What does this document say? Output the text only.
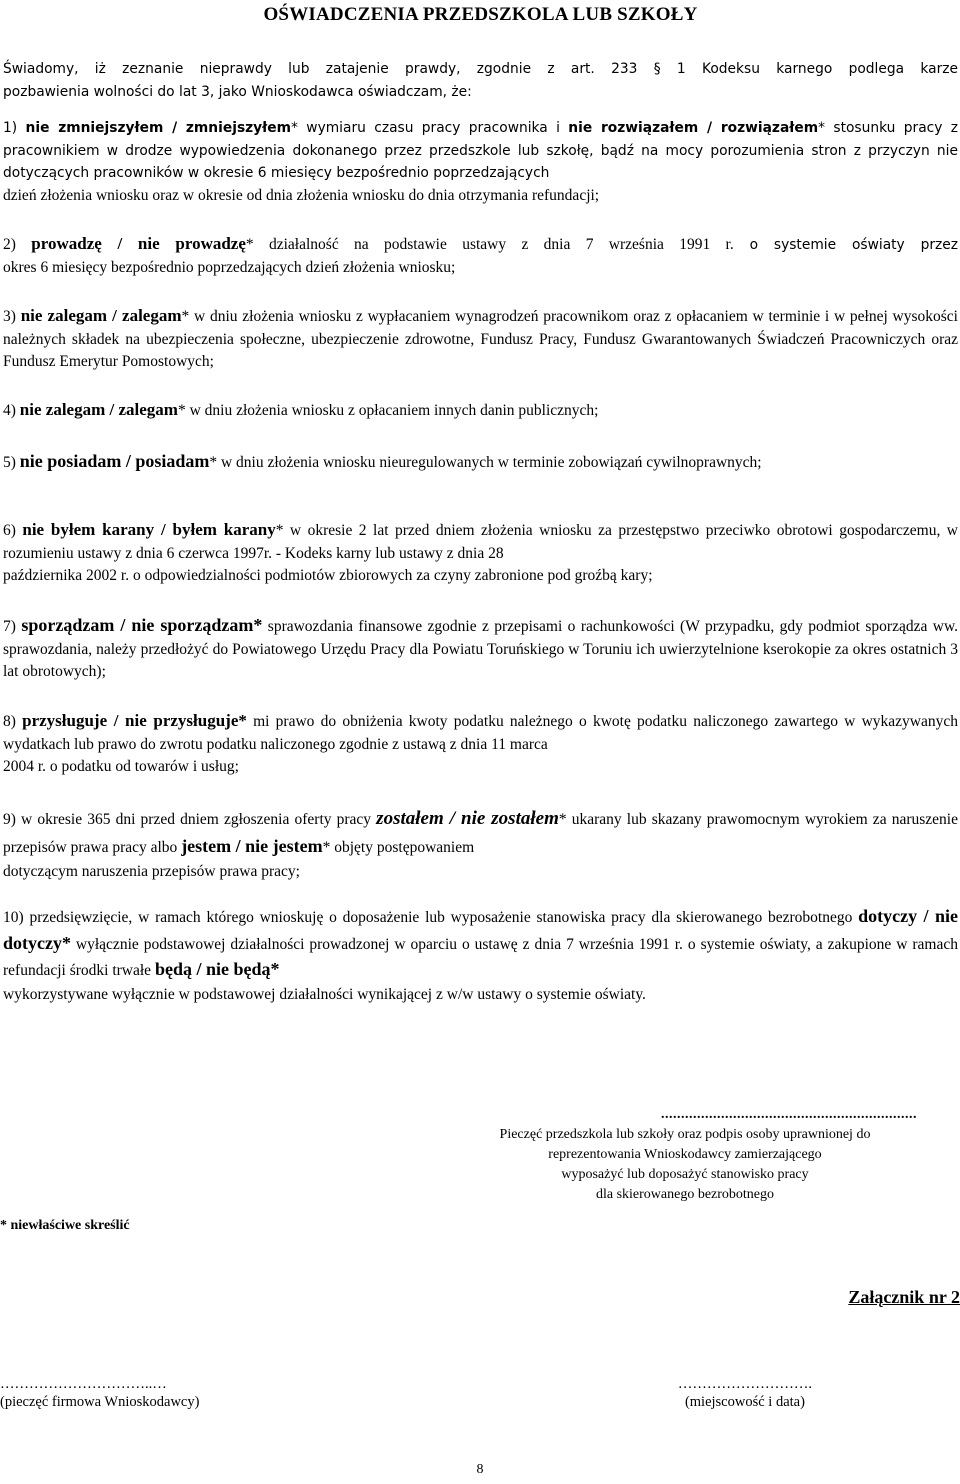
OŚWIADCZENIA PRZEDSZKOLA LUB SZKOŁY

Świadomy, iż zeznanie nieprawdy lub zatajenie prawdy, zgodnie z art. 233 § 1 Kodeksu karnego podlega karze

pozbawienia wolności do lat 3, jako Wnioskodawca oświadczam, że:

1) nie zmniejszyłem / zmniejszyłem* wymiaru czasu pracy pracownika i nie rozwiązałem / rozwiązałem* stosunku pracy z pracownikiem w drodze wypowiedzenia dokonanego przez przedszkole lub szkołę, bądź na mocy porozumienia stron z przyczyn nie dotyczących pracowników w okresie 6 miesięcy bezpośrednio poprzedzających

dzień złożenia wniosku oraz w okresie od dnia złożenia wniosku do dnia otrzymania refundacji;

2) prowadzę / nie prowadzę* działalność na podstawie ustawy z dnia 7 września 1991 r. o systemie oświaty przez

okres 6 miesięcy bezpośrednio poprzedzających dzień złożenia wniosku;

3) nie zalegam / zalegam* w dniu złożenia wniosku z wypłacaniem wynagrodzeń pracownikom oraz z opłacaniem w terminie i w pełnej wysokości należnych składek na ubezpieczenia społeczne, ubezpieczenie zdrowotne, Fundusz Pracy, Fundusz Gwarantowanych Świadczeń Pracowniczych oraz Fundusz Emerytur Pomostowych;

4) nie zalegam / zalegam* w dniu złożenia wniosku z opłacaniem innych danin publicznych;

5) nie posiadam / posiadam* w dniu złożenia wniosku nieuregulowanych w terminie zobowiązań cywilnoprawnych;

6) nie byłem karany / byłem karany* w okresie 2 lat przed dniem złożenia wniosku za przestępstwo przeciwko obrotowi gospodarczemu, w rozumieniu ustawy z dnia 6 czerwca 1997r. - Kodeks karny lub ustawy z dnia 28

października 2002 r. o odpowiedzialności podmiotów zbiorowych za czyny zabronione pod groźbą kary;

7) sporządzam / nie sporządzam* sprawozdania finansowe zgodnie z przepisami o rachunkowości (W przypadku, gdy podmiot sporządza ww. sprawozdania, należy przedłożyć do Powiatowego Urzędu Pracy dla Powiatu Toruńskiego w Toruniu ich uwierzytelnione kserokopie za okres ostatnich 3 lat obrotowych);

8) przysługuje / nie przysługuje* mi prawo do obniżenia kwoty podatku należnego o kwotę podatku naliczonego zawartego w wykazywanych wydatkach lub prawo do zwrotu podatku naliczonego zgodnie z ustawą z dnia 11 marca

2004 r. o podatku od towarów i usług;

9) w okresie 365 dni przed dniem zgłoszenia oferty pracy zostałem / nie zostałem* ukarany lub skazany prawomocnym wyrokiem za naruszenie przepisów prawa pracy albo jestem / nie jestem* objęty postępowaniem

dotyczącym naruszenia przepisów prawa pracy;

10) przedsięwzięcie, w ramach którego wnioskuję o doposażenie lub wyposażenie stanowiska pracy dla skierowanego bezrobotnego dotyczy / nie dotyczy* wyłącznie podstawowej działalności prowadzonej w oparciu o ustawę z dnia 7 września 1991 r. o systemie oświaty, a zakupione w ramach refundacji środki trwałe będą / nie będą*

wykorzystywane wyłącznie w podstawowej działalności wynikającej z w/w ustawy o systemie oświaty.

................................................................
Pieczęć przedszkola lub szkoły oraz podpis osoby uprawnionej do
reprezentowania Wnioskodawcy zamierzającego
wyposażyć lub doposażyć stanowisko pracy
dla skierowanego bezrobotnego
* niewłaściwe skreślić
Załącznik nr 2
…………………………..…
(pieczęć firmowa Wnioskodawcy)
……………………….
(miejscowość i data)
8
